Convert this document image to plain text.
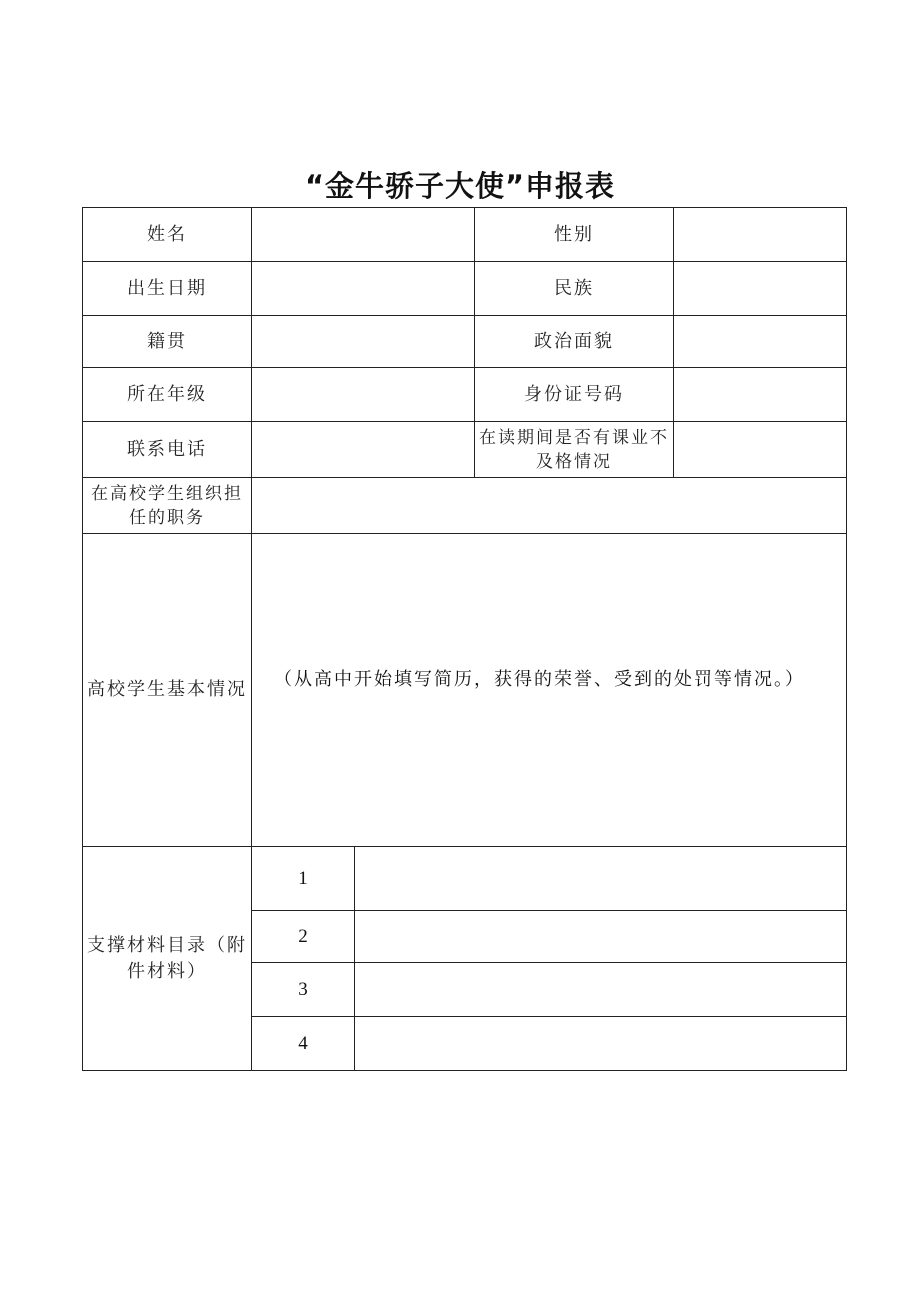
“金牛骄子大使”申报表
姓名			性别	
出生日期			民族	
籍贯			政治面貌	
所在年级			身份证号码	
联系电话			在读期间是否有课业不及格情况	
在高校学生组织担任的职务				
高校学生基本情况	（从高中开始填写简历，获得的荣誉、受到的处罚等情况。）			
支撑材料目录（附件材料）	1			
	2			
	3			
	4			
